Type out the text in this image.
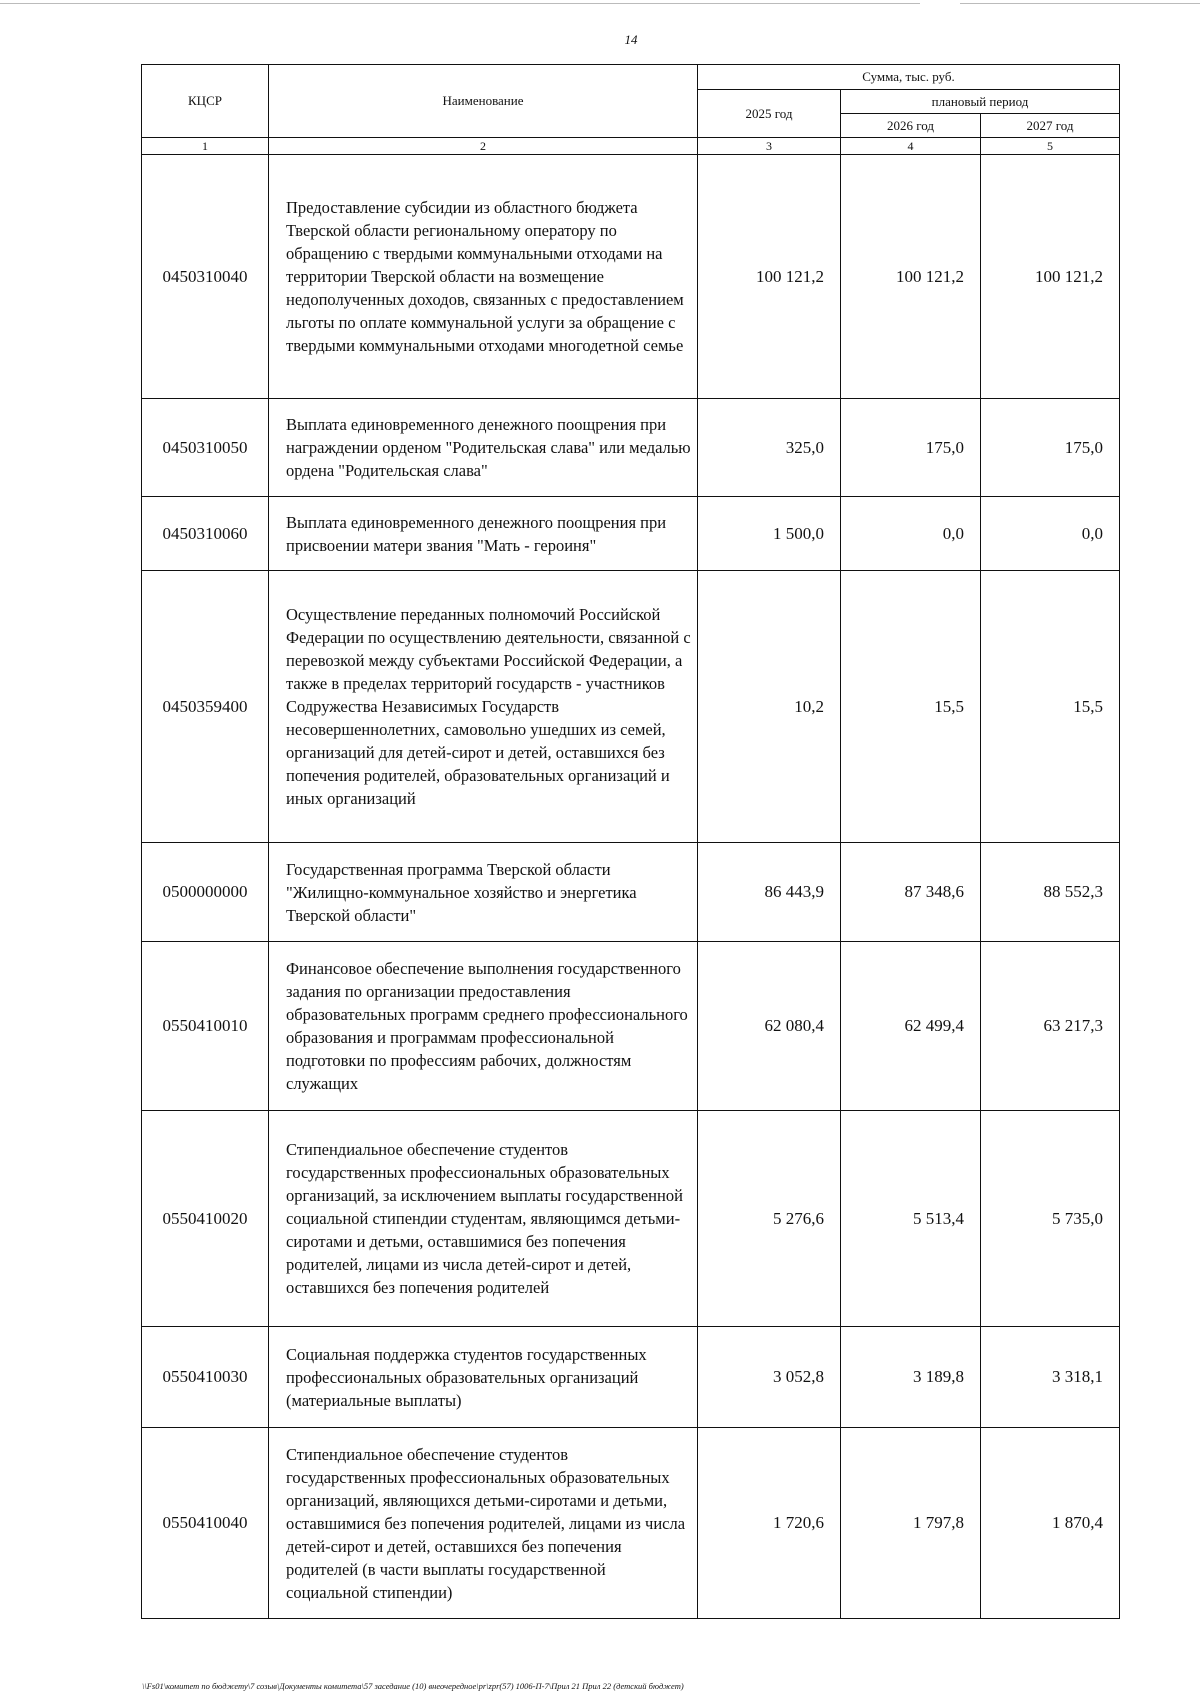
14
КЦСР	Наименование	Сумма, тыс. руб.		
		2025 год	плановый период	
			2026 год	2027 год
1	2	3	4	5
0450310040	Предоставление субсидии из областного бюджета Тверской области региональному оператору по обращению с твердыми коммунальными отходами на территории Тверской области на возмещение недополученных доходов, связанных с предоставлением льготы по оплате коммунальной услуги за обращение с твердыми коммунальными отходами многодетной семье	100 121,2	100 121,2	100 121,2
0450310050	Выплата единовременного денежного поощрения при награждении орденом "Родительская слава" или медалью ордена "Родительская слава"	325,0	175,0	175,0
0450310060	Выплата единовременного денежного поощрения при присвоении матери звания "Мать - героиня"	1 500,0	0,0	0,0
0450359400	Осуществление переданных полномочий Российской Федерации по осуществлению деятельности, связанной с перевозкой между субъектами Российской Федерации, а также в пределах территорий государств - участников Содружества Независимых Государств несовершеннолетних, самовольно ушедших из семей, организаций для детей-сирот и детей, оставшихся без попечения родителей, образовательных организаций и иных организаций	10,2	15,5	15,5
0500000000	Государственная программа Тверской области "Жилищно-коммунальное хозяйство и энергетика Тверской области"	86 443,9	87 348,6	88 552,3
0550410010	Финансовое обеспечение выполнения государственного задания по организации предоставления образовательных программ среднего профессионального образования и программам профессиональной подготовки по профессиям рабочих, должностям служащих	62 080,4	62 499,4	63 217,3
0550410020	Стипендиальное обеспечение студентов государственных профессиональных образовательных организаций, за исключением выплаты государственной социальной стипендии студентам, являющимся детьми-сиротами и детьми, оставшимися без попечения родителей, лицами из числа детей-сирот и детей, оставшихся без попечения родителей	5 276,6	5 513,4	5 735,0
0550410030	Социальная поддержка студентов государственных профессиональных образовательных организаций (материальные выплаты)	3 052,8	3 189,8	3 318,1
0550410040	Стипендиальное обеспечение студентов государственных профессиональных образовательных организаций, являющихся детьми-сиротами и детьми, оставшимися без попечения родителей, лицами из числа детей-сирот и детей, оставшихся без попечения родителей (в части выплаты государственной социальной стипендии)	1 720,6	1 797,8	1 870,4
\\Fs01\комитет по бюджету\7 созыв\Документы комитета\57 заседание (10) внеочередное\pr\zpr(57) 1006-П-7\Прил 21 Прил 22 (детский бюджет)
